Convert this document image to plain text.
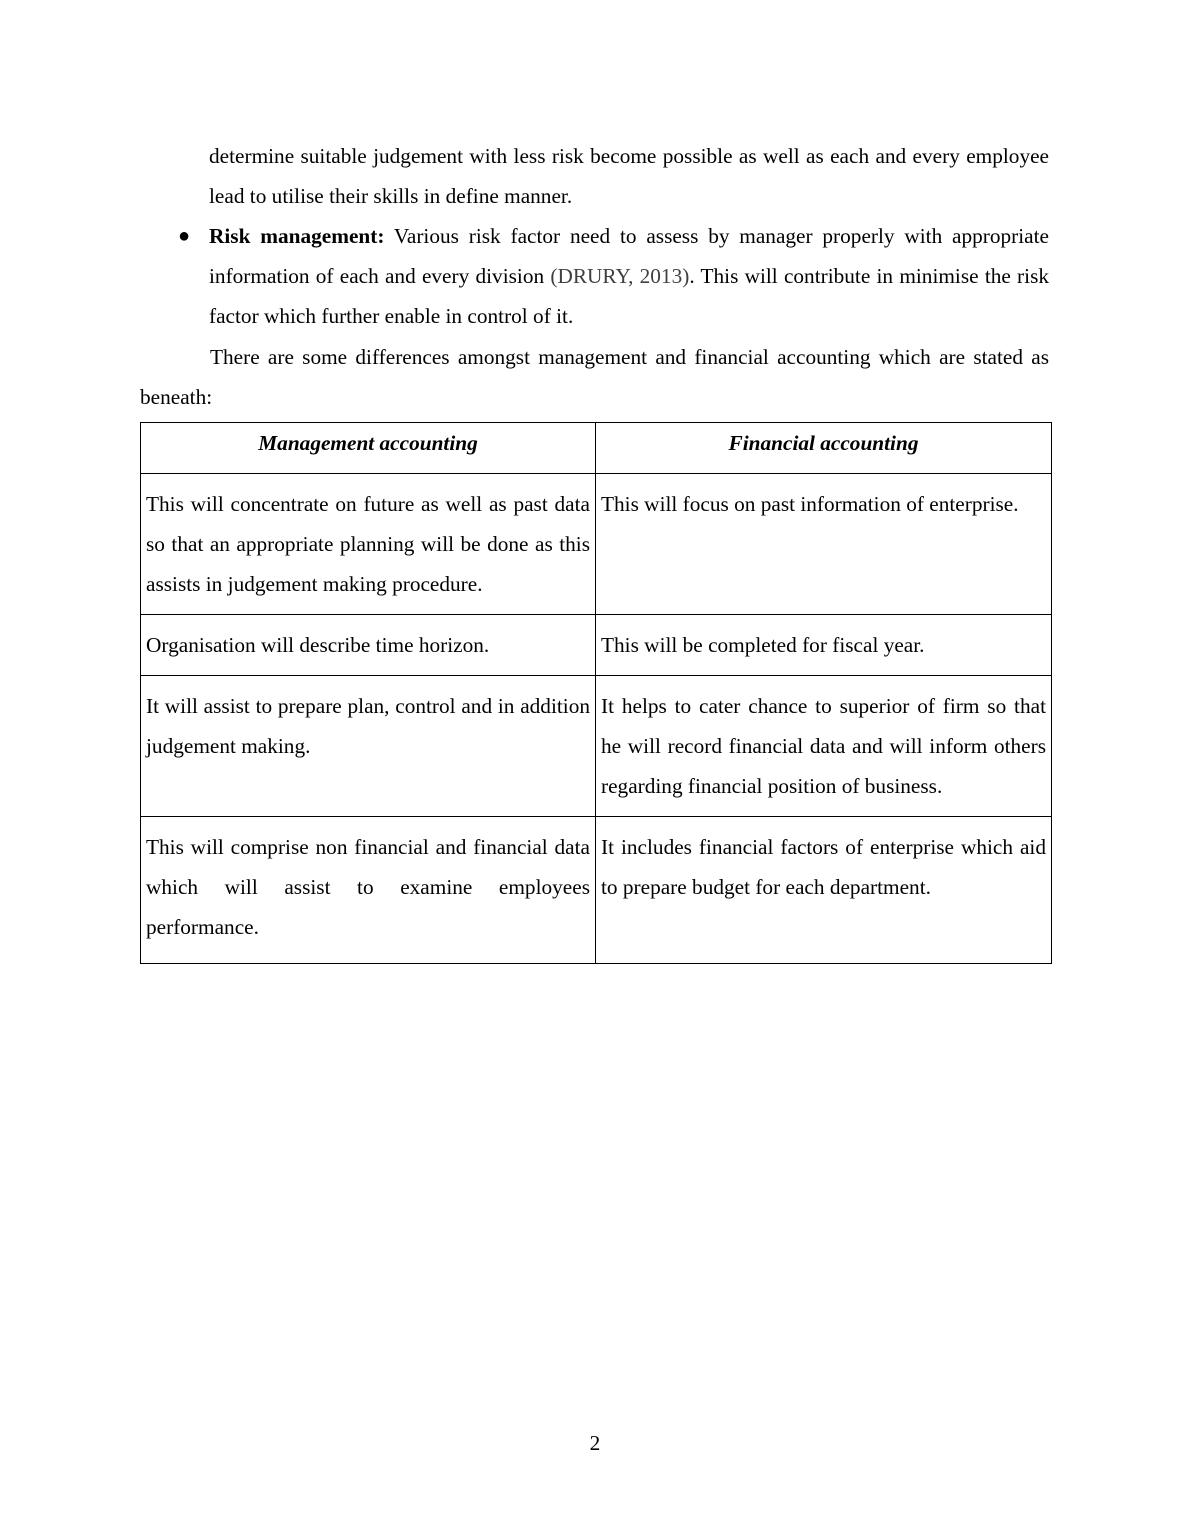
determine suitable judgement with less risk become possible as well as each and every employee lead to utilise their skills in define manner.

● Risk management: Various risk factor need to assess by manager properly with appropriate information of each and every division (DRURY, 2013). This will contribute in minimise the risk factor which further enable in control of it.

There are some differences amongst management and financial accounting which are stated as beneath:

Management accounting	Financial accounting
This will concentrate on future as well as past data so that an appropriate planning will be done as this assists in judgement making procedure.	This will focus on past information of enterprise.
Organisation will describe time horizon.	This will be completed for fiscal year.
It will assist to prepare plan, control and in addition judgement making.	It helps to cater chance to superior of firm so that he will record financial data and will inform others regarding financial position of business.
This will comprise non financial and financial data which will assist to examine employees performance.	It includes financial factors of enterprise which aid to prepare budget for each department.
2
